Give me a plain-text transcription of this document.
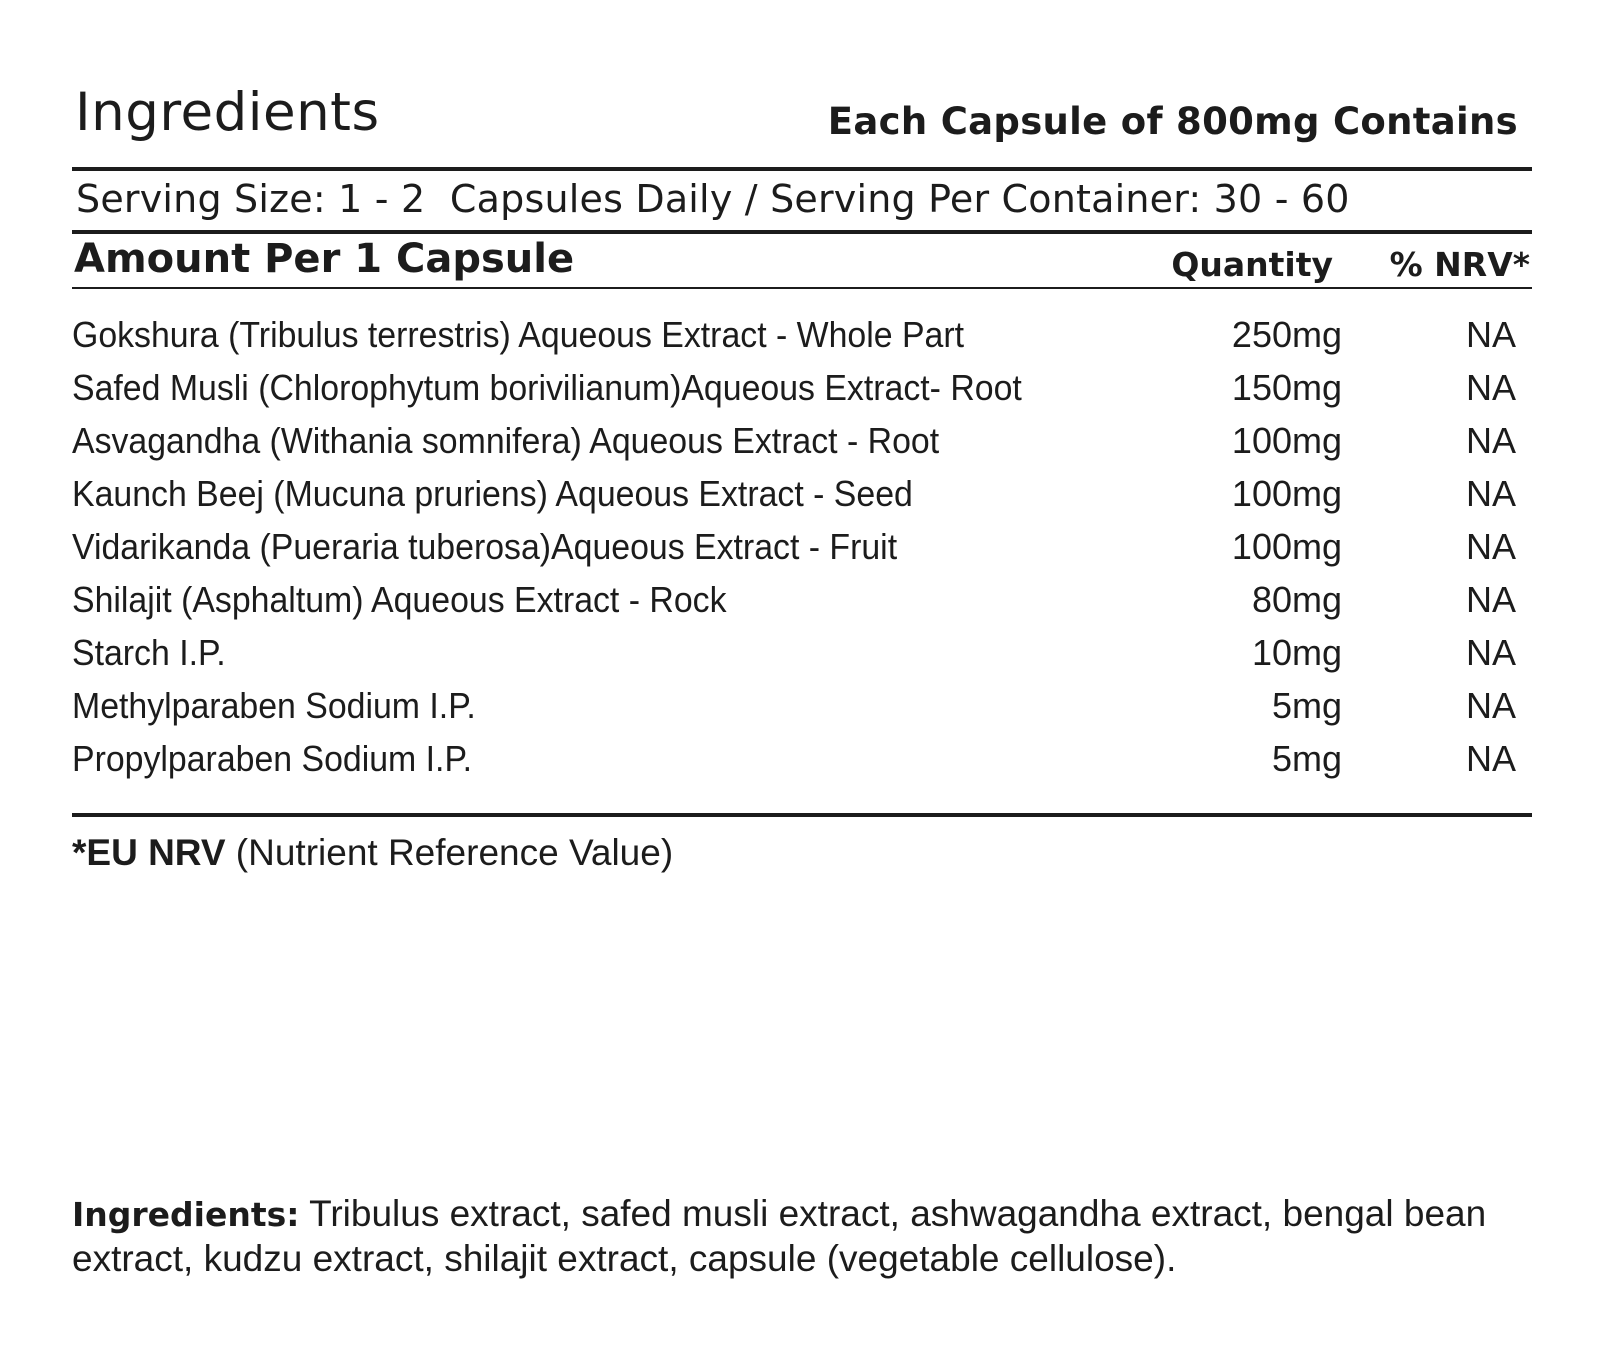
Ingredients	Each Capsule of 800mg Contains
Serving Size: 1 - 2  Capsules Daily / Serving Per Container: 30 - 60
Amount Per 1 Capsule	Quantity % NRV*
Gokshura (Tribulus terrestris) Aqueous Extract - Whole Part	250mg	NA
Safed Musli (Chlorophytum borivilianum)Aqueous Extract- Root	150mg	NA
Asvagandha (Withania somnifera) Aqueous Extract - Root	100mg	NA
Kaunch Beej (Mucuna pruriens) Aqueous Extract - Seed	100mg	NA
Vidarikanda (Pueraria tuberosa)Aqueous Extract - Fruit	100mg	NA
Shilajit (Asphaltum) Aqueous Extract - Rock	80mg	NA
Starch I.P.	10mg	NA
Methylparaben Sodium I.P.	5mg	NA
Propylparaben Sodium I.P.	5mg	NA
*EU NRV (Nutrient Reference Value)
Ingredients: Tribulus extract, safed musli extract, ashwagandha extract, bengal bean extract, kudzu extract, shilajit extract, capsule (vegetable cellulose).
